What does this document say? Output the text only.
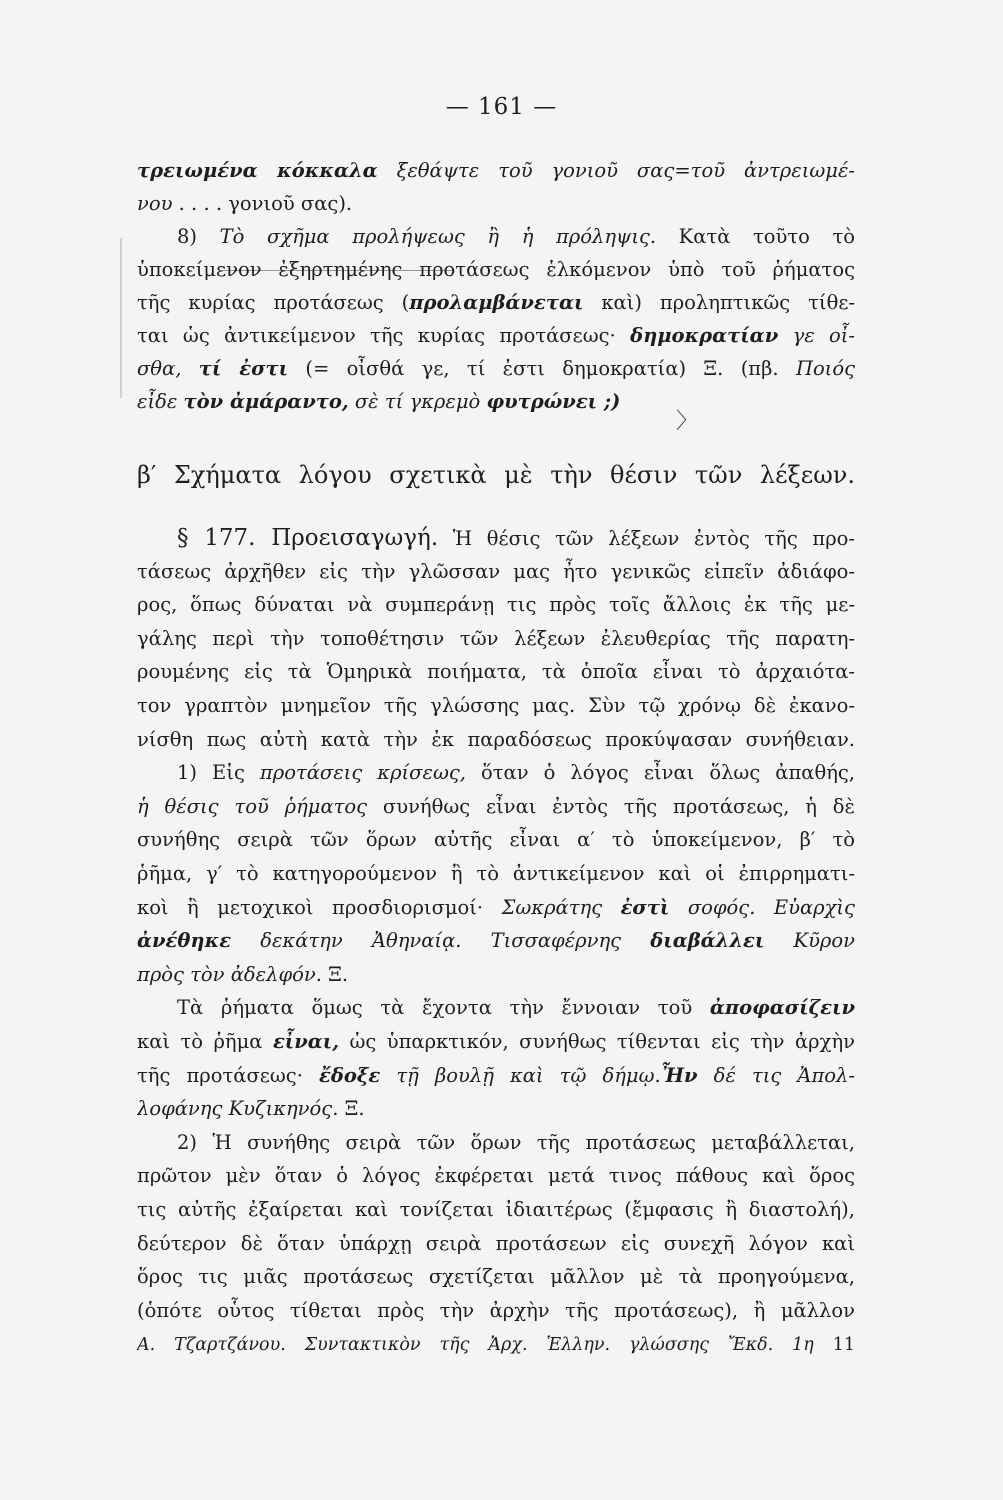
〉
— 161 —
τρειωμένα κόκκαλα ξεθάψτε τοῦ γονιοῦ σας=τοῦ ἀντρειωμέ-
νου . . . . γονιοῦ σας).
8) Τὸ σχῆμα προλήψεως ἢ ἡ πρόληψις. Κατὰ τοῦτο τὸ
ὑποκείμενον ἐξηρτημένης προτάσεως ἑλκόμενον ὑπὸ τοῦ ῥήματος
τῆς κυρίας προτάσεως (προλαμβάνεται καὶ) προληπτικῶς τίθε-
ται ὡς ἀντικείμενον τῆς κυρίας προτάσεως· δημοκρατίαν γε οἶ-
σθα, τί ἐστι (= οἶσθά γε, τί ἐστι δημοκρατία) Ξ. (πβ. Ποιός
εἶδε τὸν ἀμάραντο, σὲ τί γκρεμὸ φυτρώνει ;)
β′ Σχήματα λόγου σχετικὰ μὲ τὴν θέσιν τῶν λέξεων.
§ 177. Προεισαγωγή. Ἡ θέσις τῶν λέξεων ἐντὸς τῆς προ-
τάσεως ἀρχῆθεν εἰς τὴν γλῶσσαν μας ἦτο γενικῶς εἰπεῖν ἀδιάφο-
ρος, ὅπως δύναται νὰ συμπεράνῃ τις πρὸς τοῖς ἄλλοις ἐκ τῆς με-
γάλης περὶ τὴν τοποθέτησιν τῶν λέξεων ἐλευθερίας τῆς παρατη-
ρουμένης εἰς τὰ Ὁμηρικὰ ποιήματα, τὰ ὁποῖα εἶναι τὸ ἀρχαιότα-
τον γραπτὸν μνημεῖον τῆς γλώσσης μας. Σὺν τῷ χρόνῳ δὲ ἐκανο-
νίσθη πως αὐτὴ κατὰ τὴν ἐκ παραδόσεως προκύψασαν συνήθειαν.
1) Εἰς προτάσεις κρίσεως, ὅταν ὁ λόγος εἶναι ὅλως ἀπαθής,
ἡ θέσις τοῦ ῥήματος συνήθως εἶναι ἐντὸς τῆς προτάσεως, ἡ δὲ
συνήθης σειρὰ τῶν ὅρων αὐτῆς εἶναι α′ τὸ ὑποκείμενον, β′ τὸ
ῥῆμα, γ′ τὸ κατηγορούμενον ἢ τὸ ἀντικείμενον καὶ οἱ ἐπιρρηματι-
κοὶ ἢ μετοχικοὶ προσδιορισμοί· Σωκράτης ἐστὶ σοφός. Εὐαρχὶς
ἀνέθηκε δεκάτην Ἀθηναίᾳ. Τισσαφέρνης διαβάλλει Κῦρον
πρὸς τὸν ἀδελφόν. Ξ.
Τὰ ῥήματα ὅμως τὰ ἔχοντα τὴν ἔννοιαν τοῦ ἀποφασίζειν
καὶ τὸ ῥῆμα εἶναι, ὡς ὑπαρκτικόν, συνήθως τίθενται εἰς τὴν ἀρχὴν
τῆς προτάσεως· ἔδοξε τῇ βουλῇ καὶ τῷ δήμῳ.Ἦν δέ τις Ἀπολ-
λοφάνης Κυζικηνός. Ξ.
2) Ἡ συνήθης σειρὰ τῶν ὅρων τῆς προτάσεως μεταβάλλεται,
πρῶτον μὲν ὅταν ὁ λόγος ἐκφέρεται μετά τινος πάθους καὶ ὅρος
τις αὐτῆς ἐξαίρεται καὶ τονίζεται ἰδιαιτέρως (ἔμφασις ἢ διαστολή),
δεύτερον δὲ ὅταν ὑπάρχῃ σειρὰ προτάσεων εἰς συνεχῆ λόγον καὶ
ὅρος τις μιᾶς προτάσεως σχετίζεται μᾶλλον μὲ τὰ προηγούμενα,
(ὁπότε οὗτος τίθεται πρὸς τὴν ἀρχὴν τῆς προτάσεως), ἢ μᾶλλον
Α. Τζαρτζάνου. Συντακτικὸν τῆς Ἀρχ. Ἑλλην. γλώσσης Ἔκδ. 1η 11
